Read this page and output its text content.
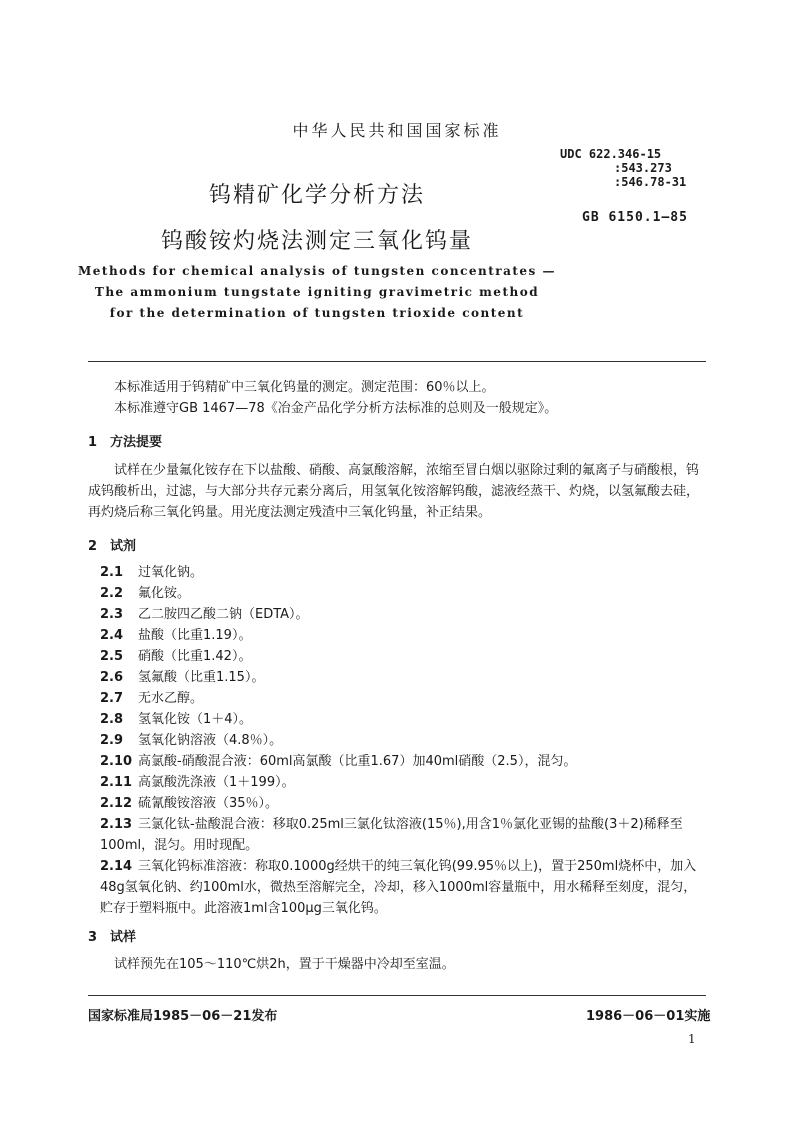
中华人民共和国国家标准
UDC 622.346-15
:543.273
:546.78-31
GB 6150.1—85
钨精矿化学分析方法
钨酸铵灼烧法测定三氧化钨量
Methods for chemical analysis of tungsten concentrates —
The ammonium tungstate igniting gravimetric method
for the determination of tungsten trioxide content
本标准适用于钨精矿中三氧化钨量的测定。测定范围：60％以上。
本标准遵守GB 1467—78《冶金产品化学分析方法标准的总则及一般规定》。
1 方法提要
试样在少量氟化铵存在下以盐酸、硝酸、高氯酸溶解，浓缩至冒白烟以驱除过剩的氟离子与硝酸根，钨成钨酸析出，过滤，与大部分共存元素分离后，用氢氧化铵溶解钨酸，滤液经蒸干、灼烧，以氢氟酸去硅，再灼烧后称三氧化钨量。用光度法测定残渣中三氧化钨量，补正结果。
2 试剂
2.1 过氧化钠。
2.2 氟化铵。
2.3 乙二胺四乙酸二钠（EDTA）。
2.4 盐酸（比重1.19）。
2.5 硝酸（比重1.42）。
2.6 氢氟酸（比重1.15）。
2.7 无水乙醇。
2.8 氢氧化铵（1＋4）。
2.9 氢氧化钠溶液（4.8％）。
2.10 高氯酸-硝酸混合液：60ml高氯酸（比重1.67）加40ml硝酸（2.5），混匀。
2.11 高氯酸洗涤液（1＋199）。
2.12 硫氰酸铵溶液（35％）。
2.13 三氯化钛-盐酸混合液：移取0.25ml三氯化钛溶液(15％),用含1％氯化亚锡的盐酸(3＋2)稀释至100ml，混匀。用时现配。
2.14 三氧化钨标准溶液：称取0.1000g经烘干的纯三氧化钨(99.95％以上)，置于250ml烧杯中，加入48g氢氧化钠、约100ml水，微热至溶解完全，冷却，移入1000ml容量瓶中，用水稀释至刻度，混匀，贮存于塑料瓶中。此溶液1ml含100μg三氧化钨。
3 试样
试样预先在105～110℃烘2h，置于干燥器中冷却至室温。
国家标准局1985－06－21发布	1986－06－01实施
1
